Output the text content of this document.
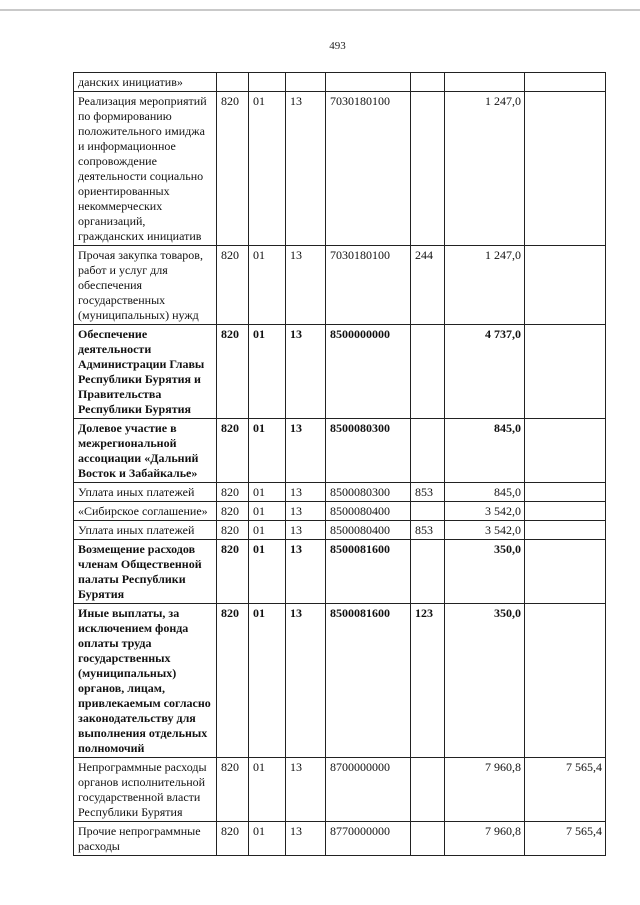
493
данских инициатив»							
Реализация мероприятий по формированию положительного имиджа и информационное сопровождение деятельности социально ориентированных некоммерческих организаций, гражданских инициатив	820	01	13	7030180100		1 247,0	
Прочая закупка товаров, работ и услуг для обеспечения государственных (муниципальных) нужд	820	01	13	7030180100	244	1 247,0	
Обеспечение деятельности Администрации Главы Республики Бурятия и Правительства Республики Бурятия	820	01	13	8500000000		4 737,0	
Долевое участие в межрегиональной ассоциации «Дальний Восток и Забайкалье»	820	01	13	8500080300		845,0	
Уплата иных платежей	820	01	13	8500080300	853	845,0	
«Сибирское соглашение»	820	01	13	8500080400		3 542,0	
Уплата иных платежей	820	01	13	8500080400	853	3 542,0	
Возмещение расходов членам Общественной палаты Республики Бурятия	820	01	13	8500081600		350,0	
Иные выплаты, за исключением фонда оплаты труда государственных (муниципальных) органов, лицам, привлекаемым согласно законодательству для выполнения отдельных полномочий	820	01	13	8500081600	123	350,0	
Непрограммные расходы органов исполнительной государственной власти Республики Бурятия	820	01	13	8700000000		7 960,8	7 565,4
Прочие непрограммные расходы	820	01	13	8770000000		7 960,8	7 565,4
